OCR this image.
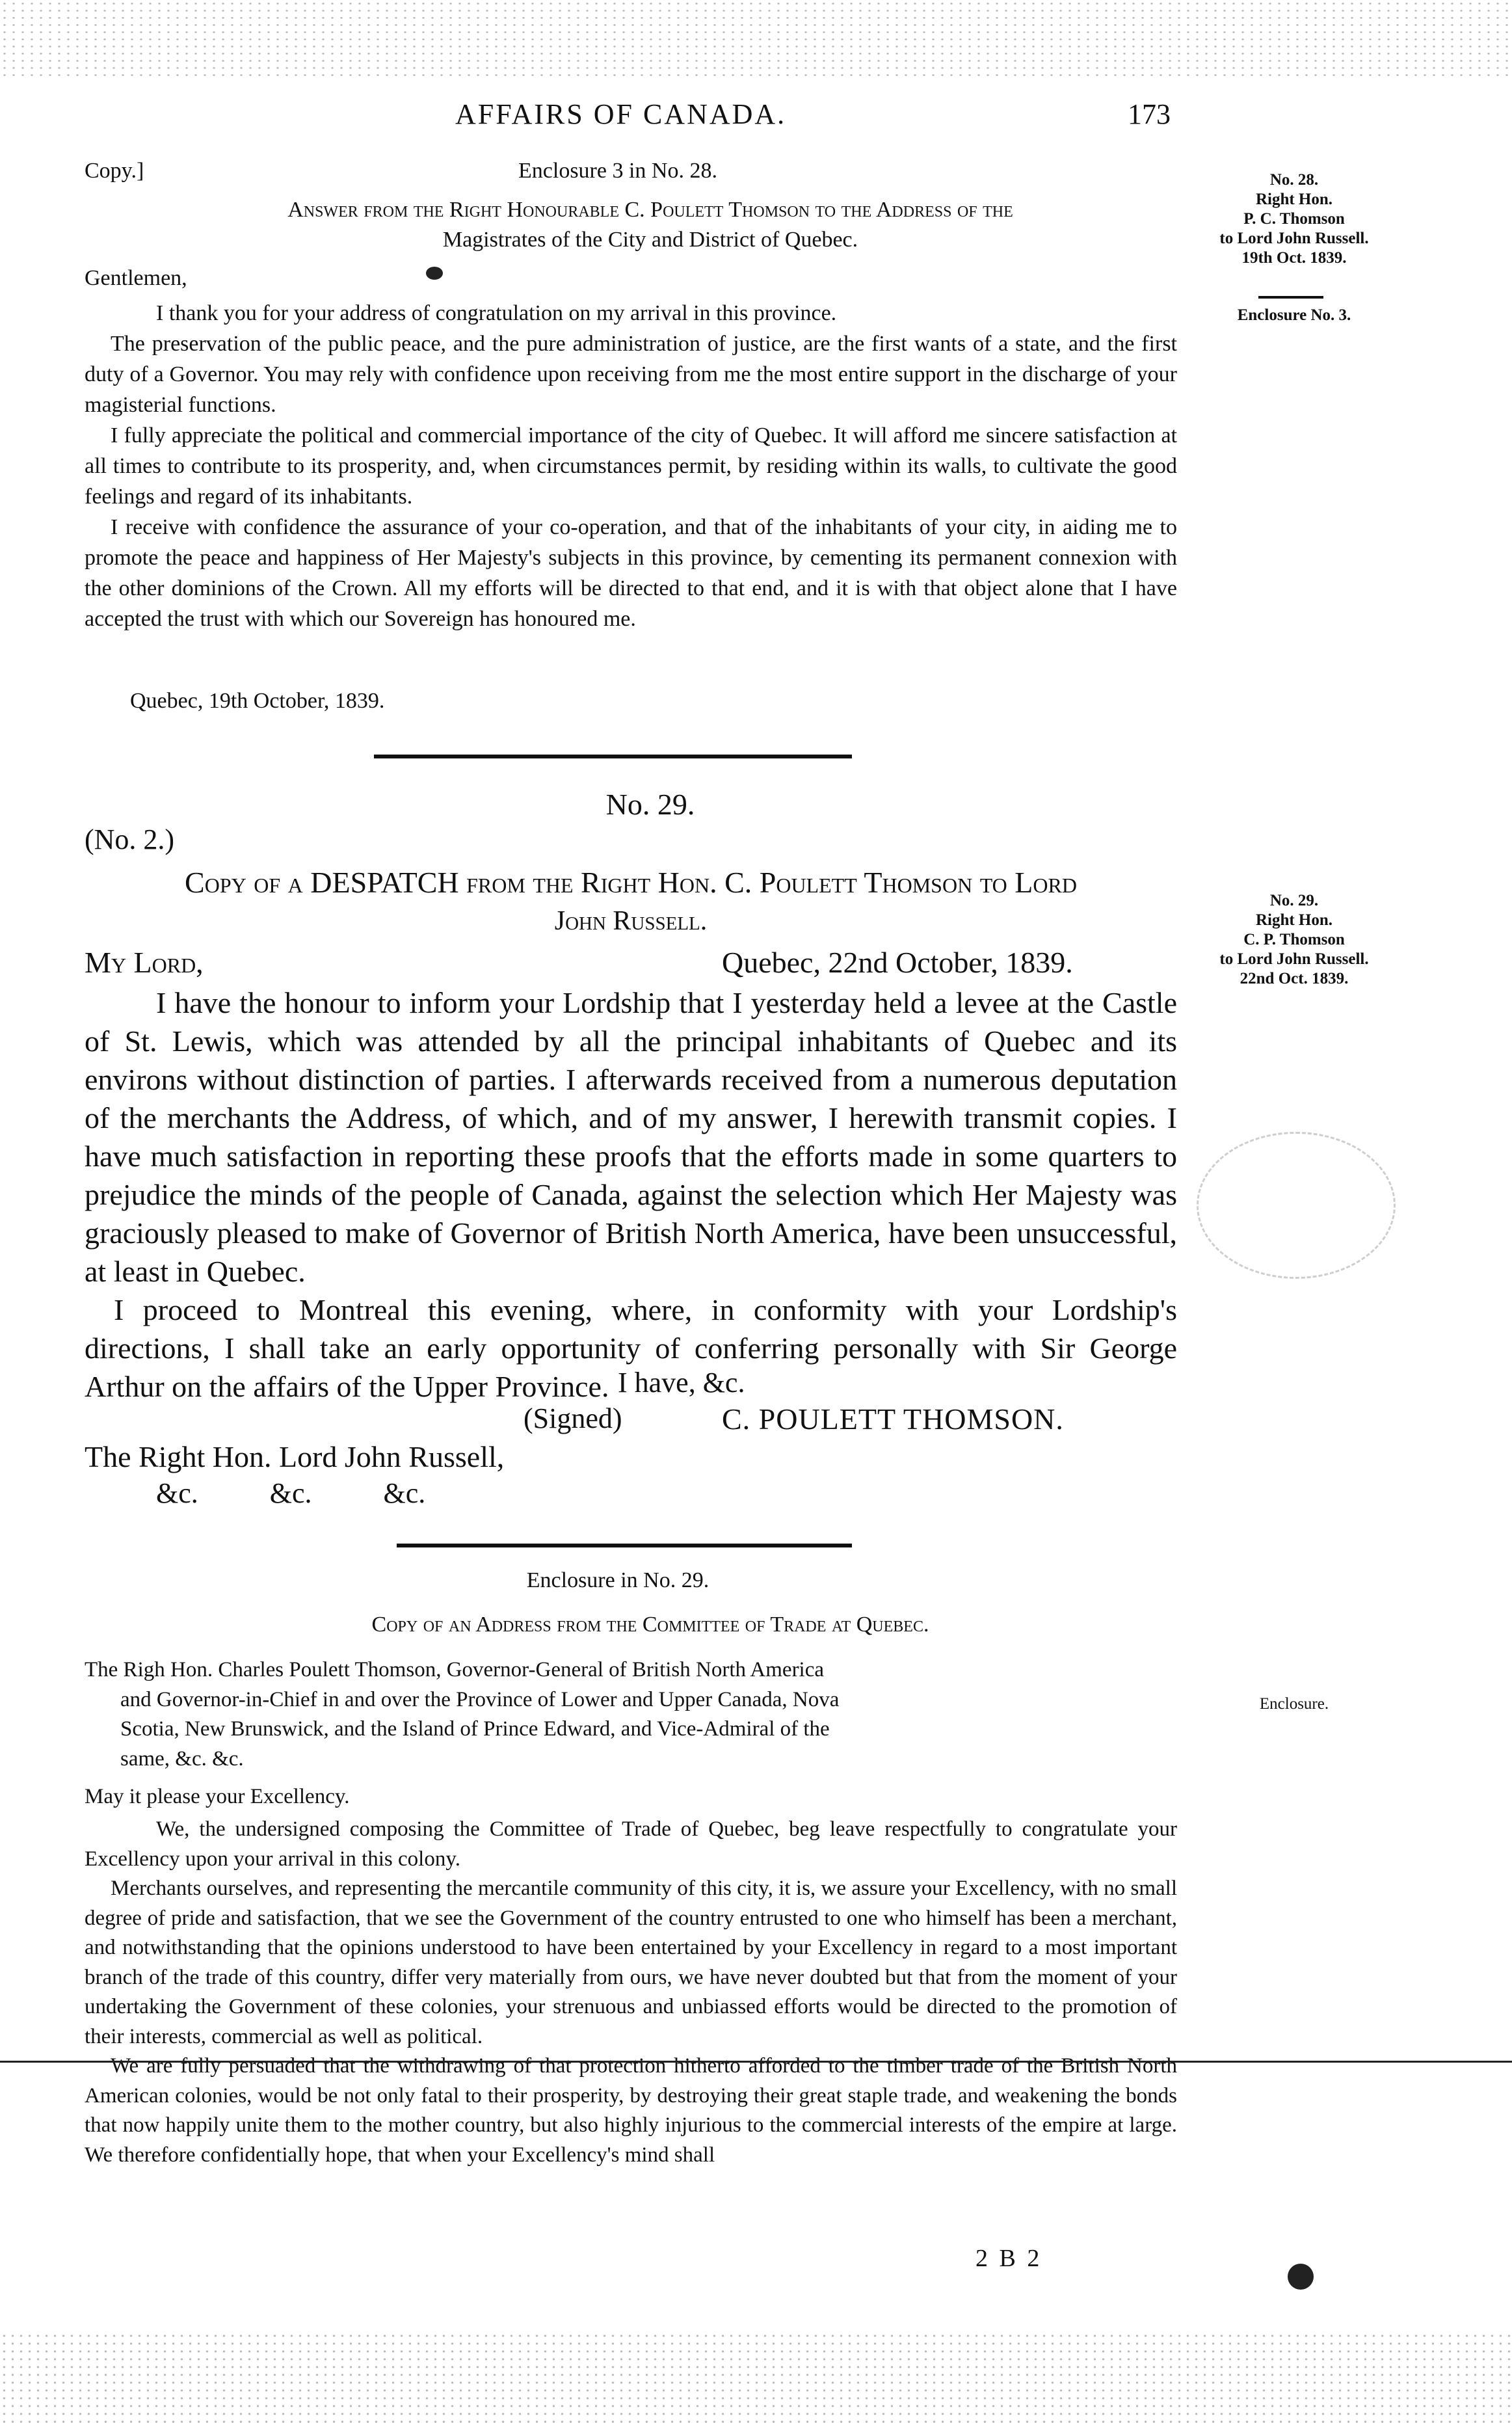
AFFAIRS OF CANADA.	173
Copy.]	Enclosure 3 in No. 28.
Answer from the Right Honourable C. Poulett Thomson to the Address of the
Magistrates of the City and District of Quebec.
Gentlemen,

I thank you for your address of congratulation on my arrival in this province.

The preservation of the public peace, and the pure administration of justice, are the first wants of a state, and the first duty of a Governor. You may rely with confidence upon receiving from me the most entire support in the discharge of your magisterial functions.

I fully appreciate the political and commercial importance of the city of Quebec. It will afford me sincere satisfaction at all times to contribute to its prosperity, and, when circumstances permit, by residing within its walls, to cultivate the good feelings and regard of its inhabitants.

I receive with confidence the assurance of your co-operation, and that of the inhabitants of your city, in aiding me to promote the peace and happiness of Her Majesty's subjects in this province, by cementing its permanent connexion with the other dominions of the Crown. All my efforts will be directed to that end, and it is with that object alone that I have accepted the trust with which our Sovereign has honoured me.

Quebec, 19th October, 1839.
No. 28.
Right Hon.
P. C. Thomson
to Lord John Russell.
19th Oct. 1839.
Enclosure No. 3.
No. 29.
(No. 2.)
Copy of a DESPATCH from the Right Hon. C. Poulett Thomson to Lord
John Russell.
My Lord,	Quebec, 22nd October, 1839.

I have the honour to inform your Lordship that I yesterday held a levee at the Castle of St. Lewis, which was attended by all the principal inhabitants of Quebec and its environs without distinction of parties. I afterwards received from a numerous deputation of the merchants the Address, of which, and of my answer, I herewith transmit copies. I have much satisfaction in reporting these proofs that the efforts made in some quarters to prejudice the minds of the people of Canada, against the selection which Her Majesty was graciously pleased to make of Governor of British North America, have been unsuccessful, at least in Quebec.

I proceed to Montreal this evening, where, in conformity with your Lordship's directions, I shall take an early opportunity of conferring personally with Sir George Arthur on the affairs of the Upper Province. I have, &c.
(Signed)	C. POULETT THOMSON.
The Right Hon. Lord John Russell,
&c.          &c.          &c.
No. 29.
Right Hon.
C. P. Thomson
to Lord John Russell.
22nd Oct. 1839.
Enclosure in No. 29.
Copy of an Address from the Committee of Trade at Quebec.
The Righ Hon. Charles Poulett Thomson, Governor-General of British North America
and Governor-in-Chief in and over the Province of Lower and Upper Canada, Nova
Scotia, New Brunswick, and the Island of Prince Edward, and Vice-Admiral of the
same, &c. &c.
Enclosure.
May it please your Excellency.

We, the undersigned composing the Committee of Trade of Quebec, beg leave respectfully to congratulate your Excellency upon your arrival in this colony.

Merchants ourselves, and representing the mercantile community of this city, it is, we assure your Excellency, with no small degree of pride and satisfaction, that we see the Government of the country entrusted to one who himself has been a merchant, and notwithstanding that the opinions understood to have been entertained by your Excellency in regard to a most important branch of the trade of this country, differ very materially from ours, we have never doubted but that from the moment of your undertaking the Government of these colonies, your strenuous and unbiassed efforts would be directed to the promotion of their interests, commercial as well as political.

We are fully persuaded that the withdrawing of that protection hitherto afforded to the timber trade of the British North American colonies, would be not only fatal to their prosperity, by destroying their great staple trade, and weakening the bonds that now happily unite them to the mother country, but also highly injurious to the commercial interests of the empire at large. We therefore confidentially hope, that when your Excellency's mind shall

2 B 2
